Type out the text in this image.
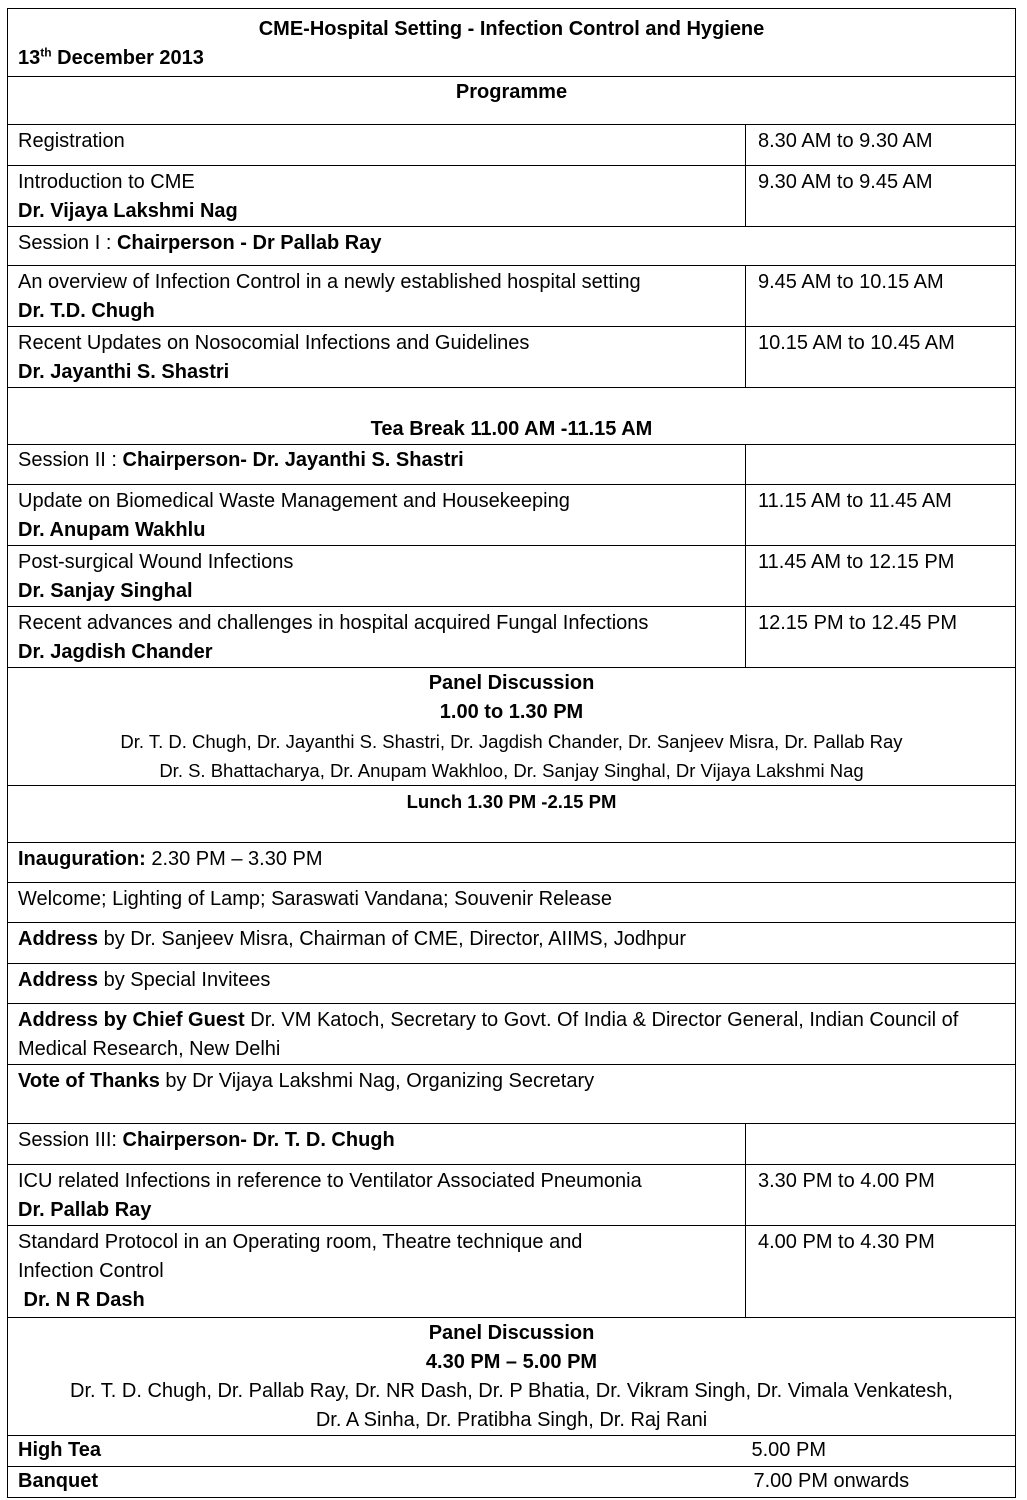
CME-Hospital Setting - Infection Control and Hygiene
13th December 2013	

Programme	
Registration	8.30 AM to 9.30 AM

Introduction to CME
Dr. Vijaya Lakshmi Nag	9.30 AM to 9.45 AM
Session I : Chairperson - Dr Pallab Ray	

An overview of Infection Control in a newly established hospital setting
Dr. T.D. Chugh	9.45 AM to 10.15 AM

Recent Updates on Nosocomial Infections and Guidelines
Dr. Jayanthi S. Shastri	10.15 AM to 10.45 AM
Tea Break 11.00 AM -11.15 AM	
Session II : Chairperson- Dr. Jayanthi S. Shastri	

Update on Biomedical Waste Management and Housekeeping
Dr. Anupam Wakhlu	11.15 AM to 11.45 AM

Post-surgical Wound Infections
Dr. Sanjay Singhal	11.45 AM to 12.15 PM

Recent advances and challenges in hospital acquired Fungal Infections
Dr. Jagdish Chander	12.15 PM to 12.45 PM

Panel Discussion
1.00 to 1.30 PM
Dr. T. D. Chugh, Dr. Jayanthi S. Shastri, Dr. Jagdish Chander, Dr. Sanjeev Misra, Dr. Pallab Ray
Dr. S. Bhattacharya, Dr. Anupam Wakhloo, Dr. Sanjay Singhal, Dr Vijaya Lakshmi Nag	

Lunch 1.30 PM -2.15 PM	
Inauguration: 2.30 PM – 3.30 PM	
Welcome; Lighting of Lamp; Saraswati Vandana; Souvenir Release	
Address by Dr. Sanjeev Misra, Chairman of CME, Director, AIIMS, Jodhpur	
Address by Special Invitees	
Address by Chief Guest Dr. VM Katoch, Secretary to Govt. Of India & Director General, Indian Council of Medical Research, New Delhi	
Vote of Thanks by Dr Vijaya Lakshmi Nag, Organizing Secretary	
Session III: Chairperson- Dr. T. D. Chugh	

ICU related Infections in reference to Ventilator Associated Pneumonia
Dr. Pallab Ray	3.30 PM to 4.00 PM

Standard Protocol in an Operating room, Theatre technique and Infection Control
Dr. N R Dash	4.00 PM to 4.30 PM

Panel Discussion
4.30 PM – 5.00 PM
Dr. T. D. Chugh, Dr. Pallab Ray, Dr. NR Dash, Dr. P Bhatia, Dr. Vikram Singh, Dr. Vimala Venkatesh,
Dr. A Sinha, Dr. Pratibha Singh, Dr. Raj Rani	

High Tea	5.00 PM
Banquet	7.00 PM onwards
